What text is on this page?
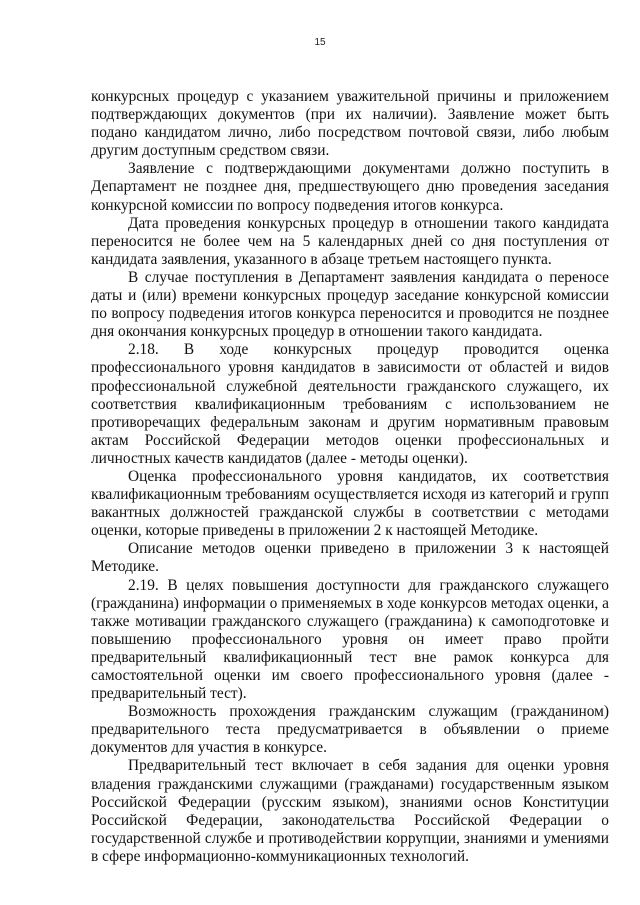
15

конкурсных процедур с указанием уважительной причины и приложением подтверждающих документов (при их наличии). Заявление может быть подано кандидатом лично, либо посредством почтовой связи, либо любым другим доступным средством связи.

Заявление с подтверждающими документами должно поступить в Департамент не позднее дня, предшествующего дню проведения заседания конкурсной комиссии по вопросу подведения итогов конкурса.

Дата проведения конкурсных процедур в отношении такого кандидата переносится не более чем на 5 календарных дней со дня поступления от кандидата заявления, указанного в абзаце третьем настоящего пункта.

В случае поступления в Департамент заявления кандидата о переносе даты и (или) времени конкурсных процедур заседание конкурсной комиссии по вопросу подведения итогов конкурса переносится и проводится не позднее дня окончания конкурсных процедур в отношении такого кандидата.

2.18. В ходе конкурсных процедур проводится оценка профессионального уровня кандидатов в зависимости от областей и видов профессиональной служебной деятельности гражданского служащего, их соответствия квалификационным требованиям с использованием не противоречащих федеральным законам и другим нормативным правовым актам Российской Федерации методов оценки профессиональных и личностных качеств кандидатов (далее - методы оценки).

Оценка профессионального уровня кандидатов, их соответствия квалификационным требованиям осуществляется исходя из категорий и групп вакантных должностей гражданской службы в соответствии с методами оценки, которые приведены в приложении 2 к настоящей Методике.

Описание методов оценки приведено в приложении 3 к настоящей Методике.

2.19. В целях повышения доступности для гражданского служащего (гражданина) информации о применяемых в ходе конкурсов методах оценки, а также мотивации гражданского служащего (гражданина) к самоподготовке и повышению профессионального уровня он имеет право пройти предварительный квалификационный тест вне рамок конкурса для самостоятельной оценки им своего профессионального уровня (далее - предварительный тест).

Возможность прохождения гражданским служащим (гражданином) предварительного теста предусматривается в объявлении о приеме документов для участия в конкурсе.

Предварительный тест включает в себя задания для оценки уровня владения гражданскими служащими (гражданами) государственным языком Российской Федерации (русским языком), знаниями основ Конституции Российской Федерации, законодательства Российской Федерации о государственной службе и противодействии коррупции, знаниями и умениями в сфере информационно-коммуникационных технологий.
